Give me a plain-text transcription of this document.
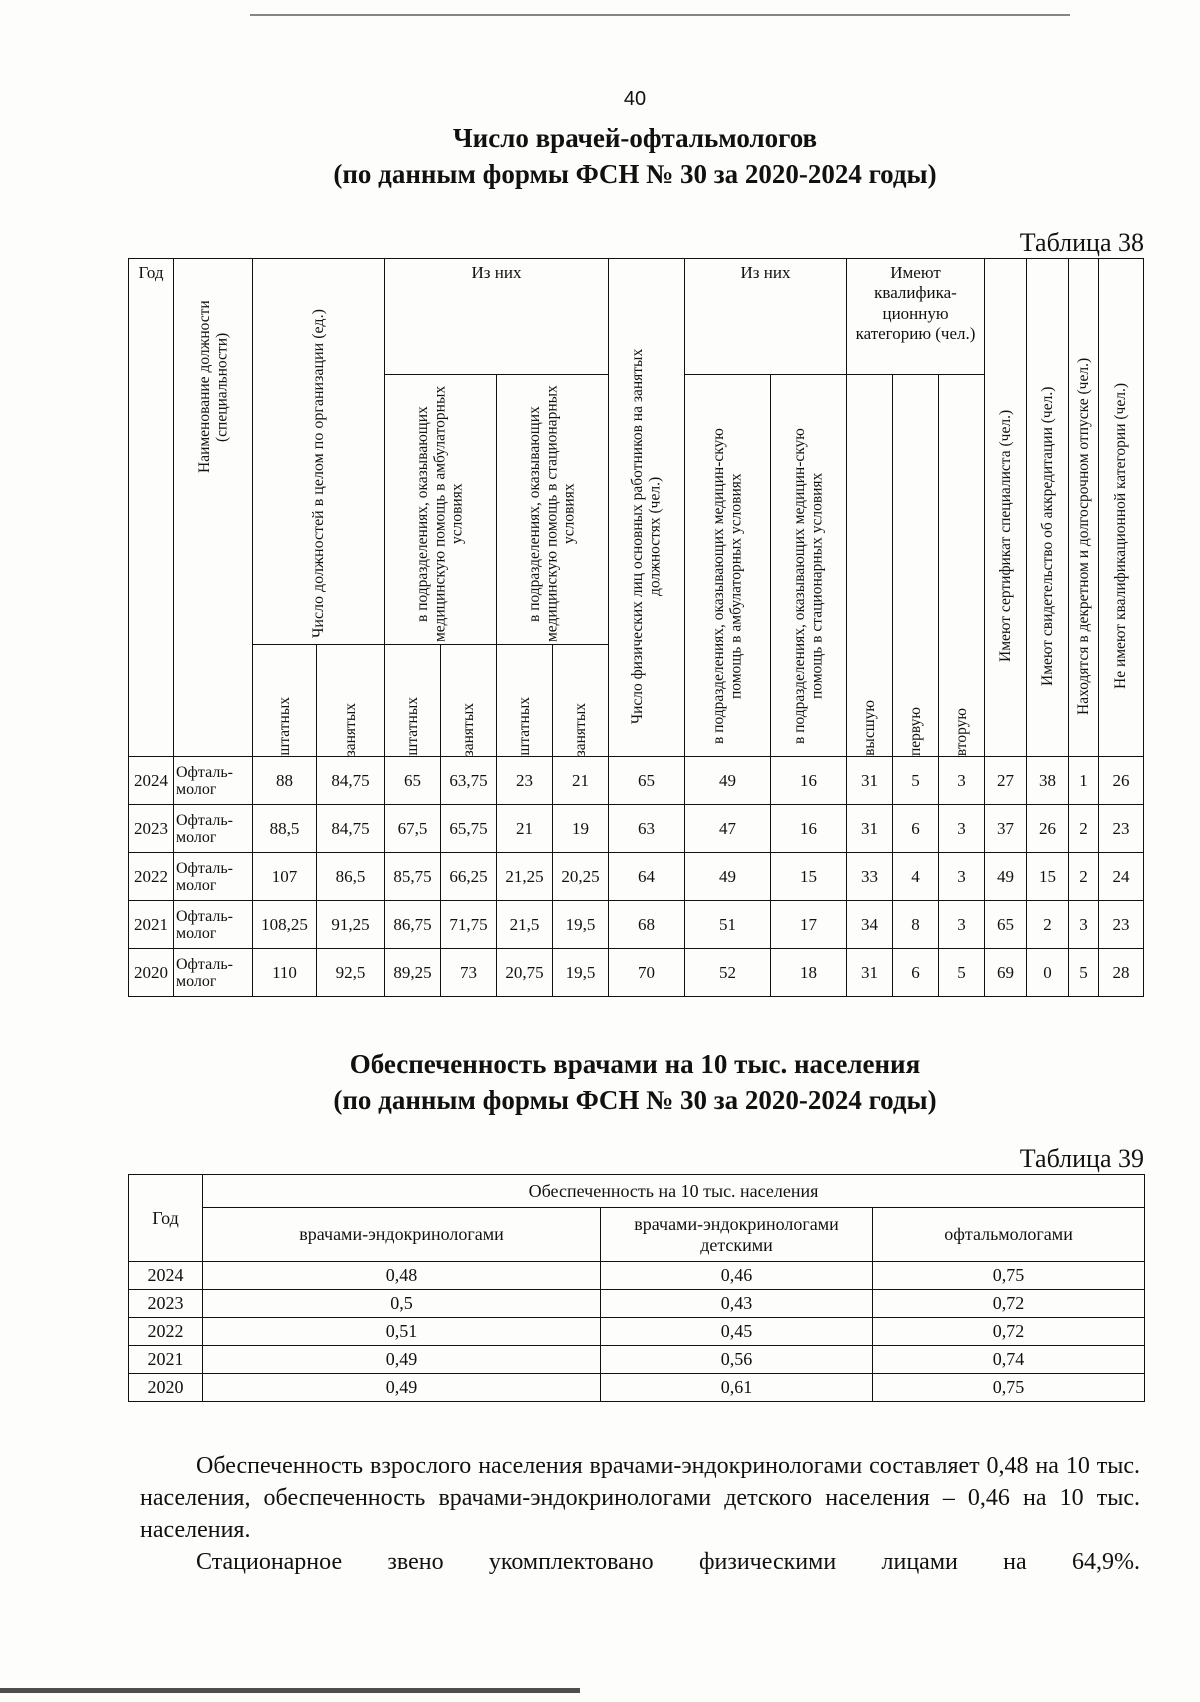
40
Число врачей-офтальмологов
(по данным формы ФСН № 30 за 2020-2024 годы)
Таблица 38
Год	Наименование должности (специальности)	Число должностей в целом по организации (ед.)		Из них				Число физических лиц основных работников на занятых должностях (чел.)	Из них		Имеют квалифика-ционную категорию (чел.)			Имеют сертификат специалиста (чел.)	Имеют свидетельство об аккредитации (чел.)	Находятся в декретном и долгосрочном отпуске (чел.)	Не имеют квалификационной категории (чел.)

				в подразделениях, оказывающих медицинскую помощь в амбулаторных условиях		в подразделениях, оказывающих медицинскую помощь в стационарных условиях			в подразделениях, оказывающих медицин-скую помощь в амбулаторных условиях	в подразделениях, оказывающих медицин-скую помощь в стационарных условиях	высшую	первую	вторую				

		штатных	занятых	штатных	занятых	штатных	занятых										

2024	Офталь-молог	88	84,75	65	63,75	23	21	65	49	16	31	5	3	27	38	1	26
2023	Офталь-молог	88,5	84,75	67,5	65,75	21	19	63	47	16	31	6	3	37	26	2	23
2022	Офталь-молог	107	86,5	85,75	66,25	21,25	20,25	64	49	15	33	4	3	49	15	2	24
2021	Офталь-молог	108,25	91,25	86,75	71,75	21,5	19,5	68	51	17	34	8	3	65	2	3	23
2020	Офталь-молог	110	92,5	89,25	73	20,75	19,5	70	52	18	31	6	5	69	0	5	28
Обеспеченность врачами на 10 тыс. населения
(по данным формы ФСН № 30 за 2020-2024 годы)
Таблица 39
Год	Обеспеченность на 10 тыс. населения		
	врачами-эндокринологами	врачами-эндокринологами детскими	офтальмологами
2024	0,48	0,46	0,75
2023	0,5	0,43	0,72
2022	0,51	0,45	0,72
2021	0,49	0,56	0,74
2020	0,49	0,61	0,75
Обеспеченность взрослого населения врачами-эндокринологами составляет 0,48 на 10 тыс. населения, обеспеченность врачами-эндокринологами детского населения – 0,46 на 10 тыс. населения.
Стационарное звено укомплектовано физическими лицами на 64,9%.
